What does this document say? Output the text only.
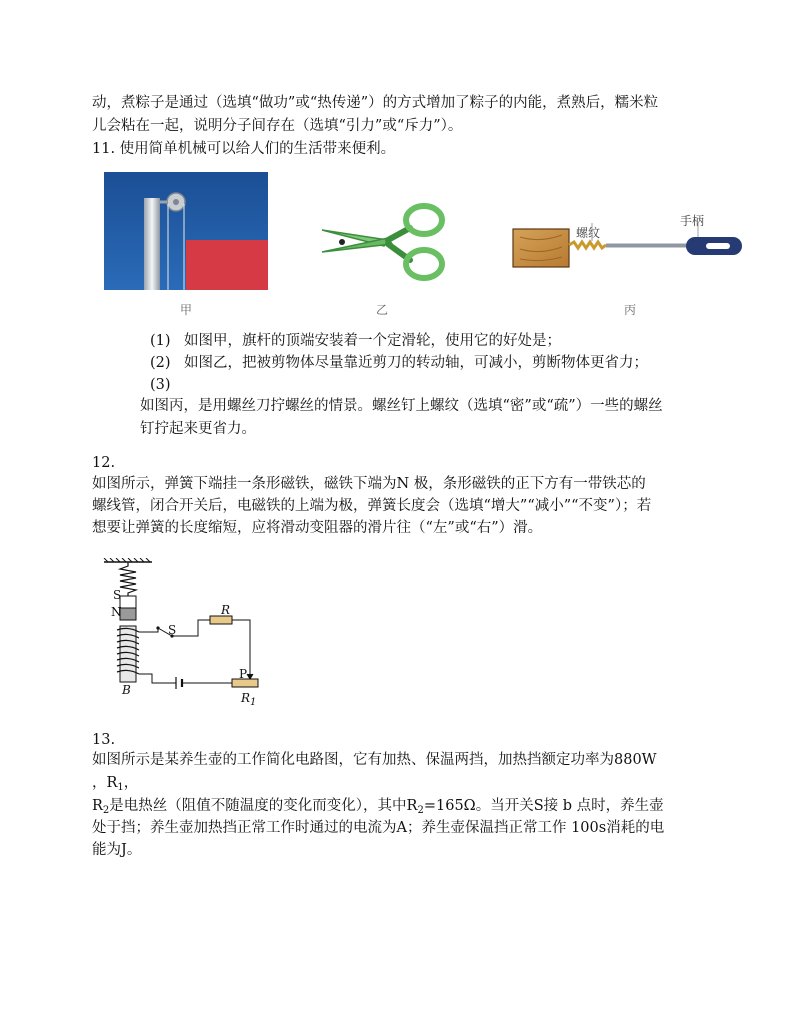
动，煮粽子是通过（选填“做功”或“热传递”）的方式增加了粽子的内能，煮熟后，糯米粒
儿会粘在一起，说明分子间存在（选填“引力”或“斥力”）。
11. 使用简单机械可以给人们的生活带来便利。
甲	乙
螺纹
手柄
丙
(1) 如图甲，旗杆的顶端安装着一个定滑轮，使用它的好处是；
(2) 如图乙，把被剪物体尽量靠近剪刀的转动轴，可减小，剪断物体更省力；
(3)
如图丙，是用螺丝刀拧螺丝的情景。螺丝钉上螺纹（选填“密”或“疏”）一些的螺丝
钉拧起来更省力。
12.
如图所示，弹簧下端挂一条形磁铁，磁铁下端为N 极，条形磁铁的正下方有一带铁芯的
螺线管，闭合开关后，电磁铁的上端为极，弹簧长度会（选填“增大”“减小”“不变”）；若
想要让弹簧的长度缩短，应将滑动变阻器的滑片往（“左”或“右”）滑。
S
N
S
R
P
B
$R_1$
13.
如图所示是某养生壶的工作简化电路图，它有加热、保温两挡，加热挡额定功率为880W
，$R_1$，
$R_2$是电热丝（阻值不随温度的变化而变化），其中$R_2=165\Omega$。当开关S接 b 点时，养生壶
处于挡；养生壶加热挡正常工作时通过的电流为A；养生壶保温挡正常工作 100s消耗的电
能为J。
